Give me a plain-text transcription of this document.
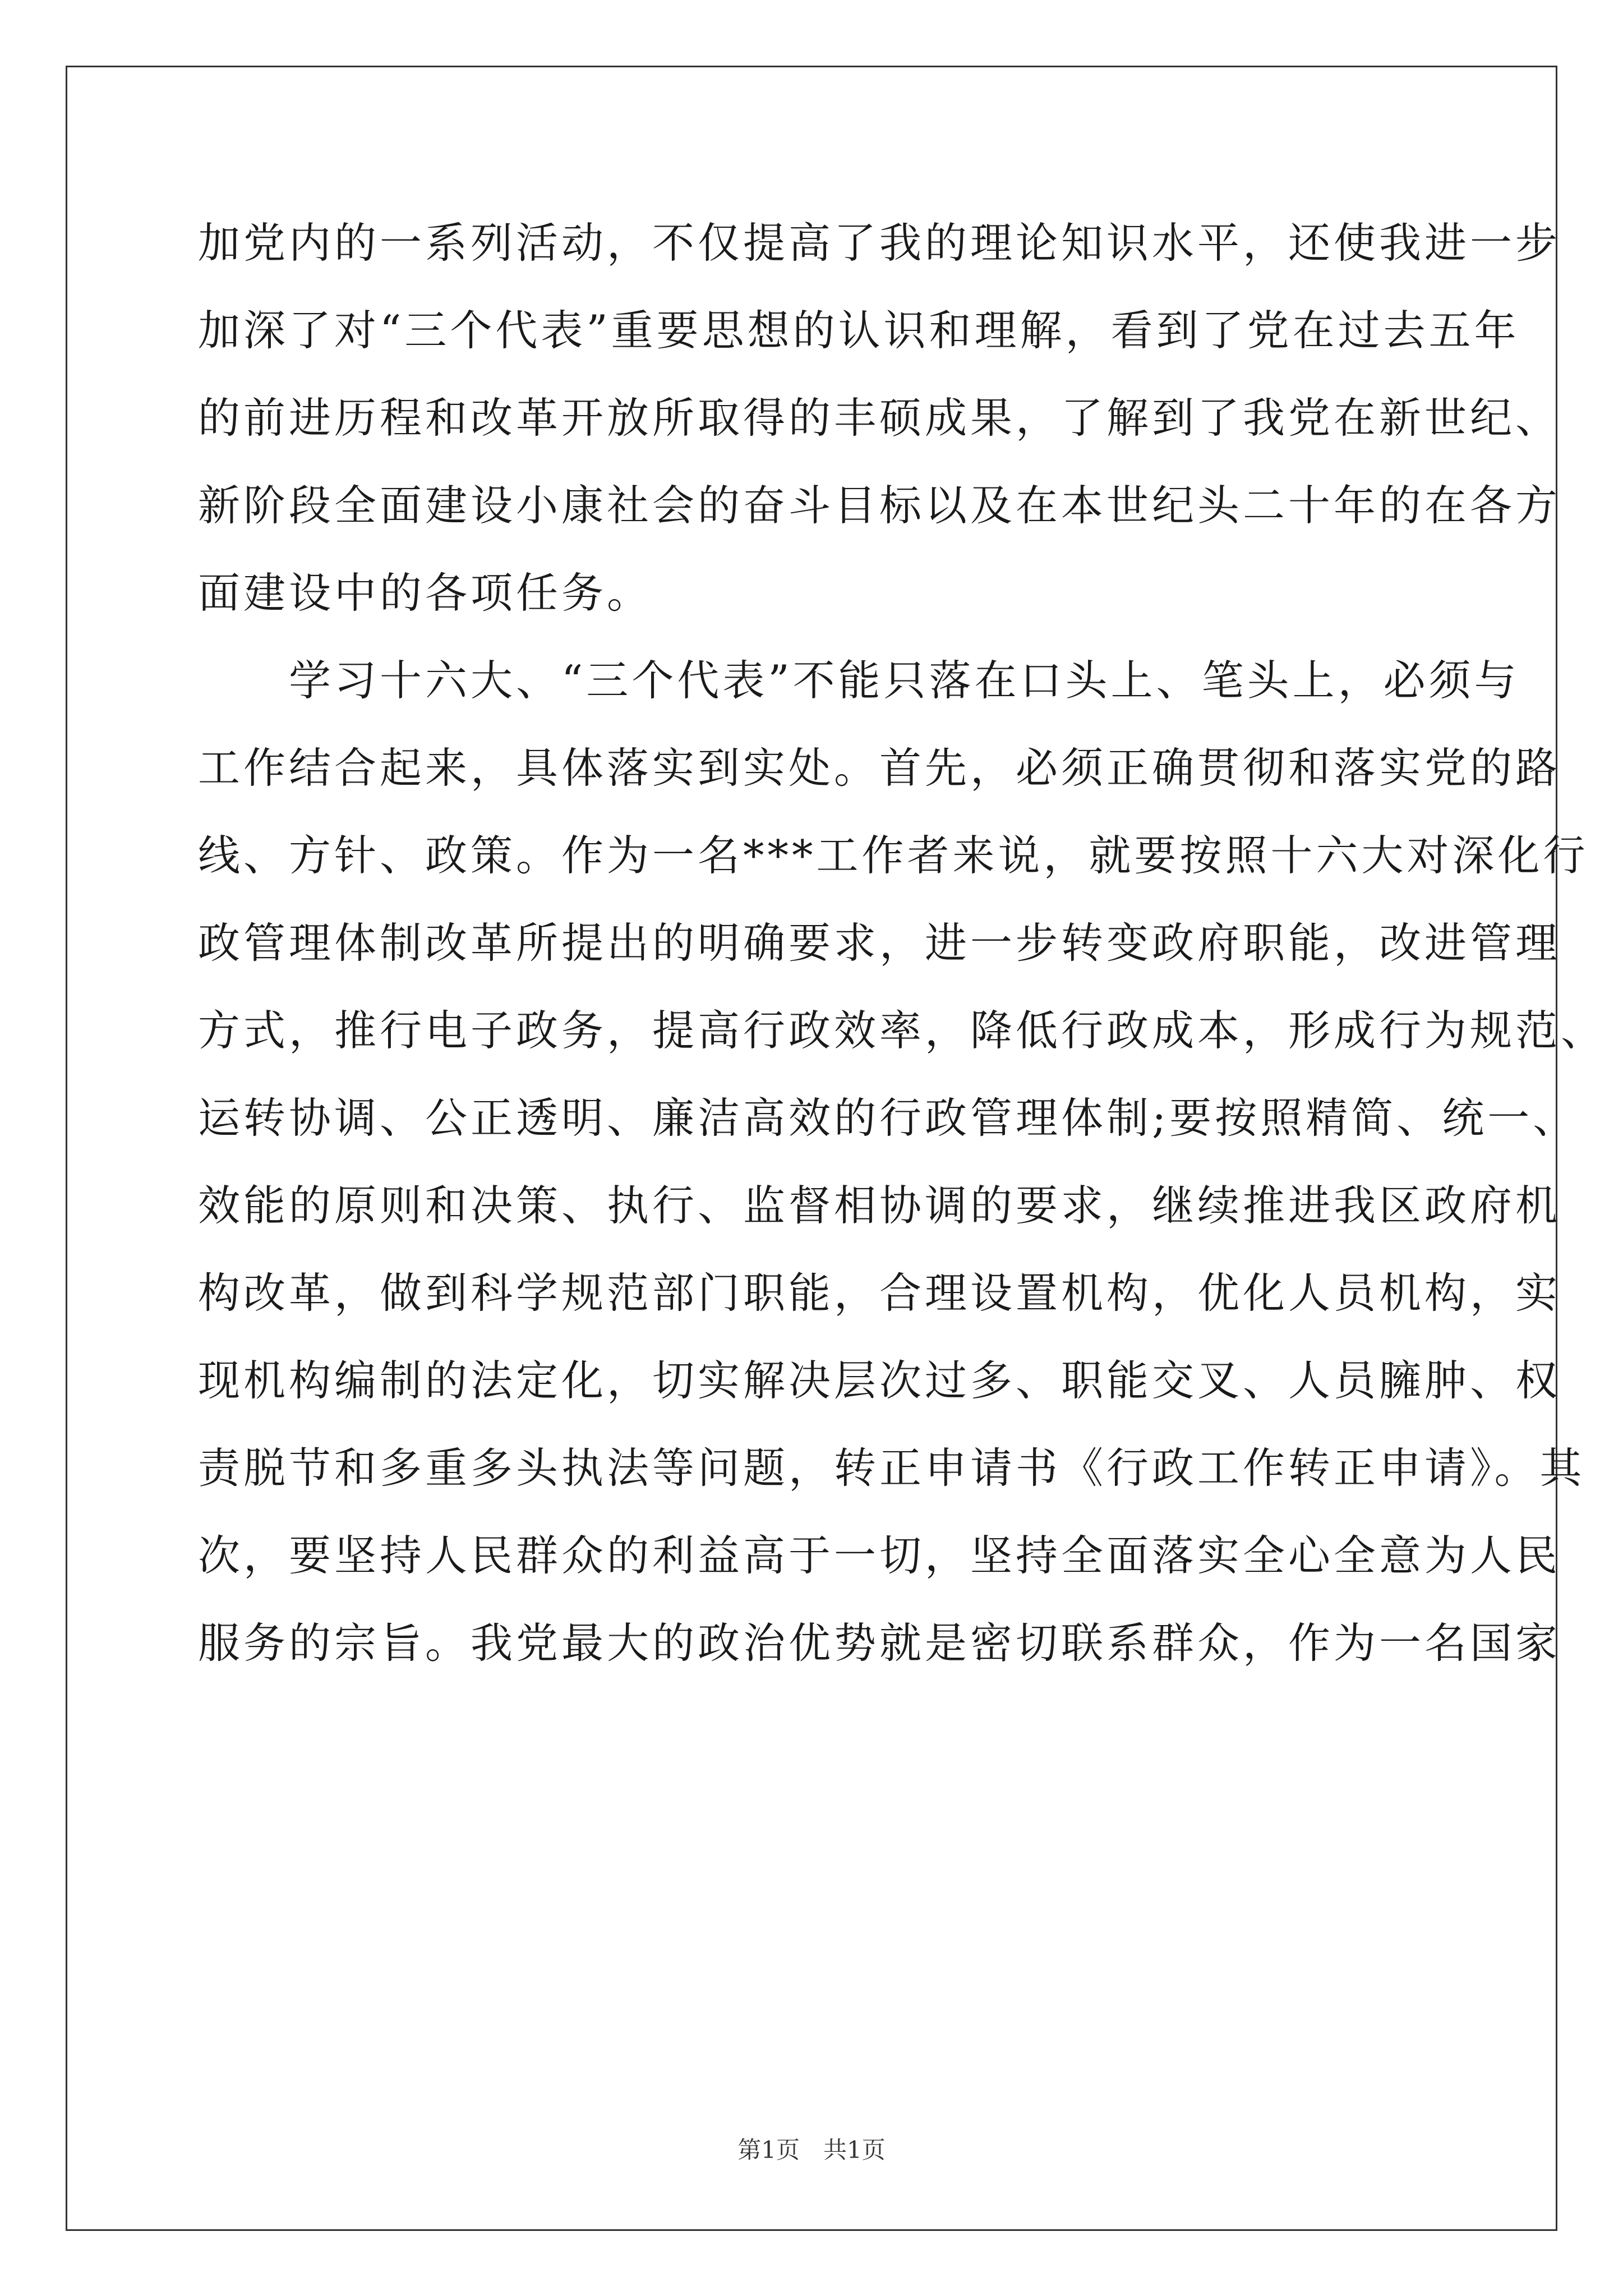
加党内的一系列活动，不仅提高了我的理论知识水平，还使我进一步
加深了对“三个代表”重要思想的认识和理解，看到了党在过去五年
的前进历程和改革开放所取得的丰硕成果，了解到了我党在新世纪、
新阶段全面建设小康社会的奋斗目标以及在本世纪头二十年的在各方
面建设中的各项任务。
　　学习十六大、“三个代表”不能只落在口头上、笔头上，必须与
工作结合起来，具体落实到实处。首先，必须正确贯彻和落实党的路
线、方针、政策。作为一名***工作者来说，就要按照十六大对深化行
政管理体制改革所提出的明确要求，进一步转变政府职能，改进管理
方式，推行电子政务，提高行政效率，降低行政成本，形成行为规范、
运转协调、公正透明、廉洁高效的行政管理体制;要按照精简、统一、
效能的原则和决策、执行、监督相协调的要求，继续推进我区政府机
构改革，做到科学规范部门职能，合理设置机构，优化人员机构，实
现机构编制的法定化，切实解决层次过多、职能交叉、人员臃肿、权
责脱节和多重多头执法等问题，转正申请书《行政工作转正申请》。其
次，要坚持人民群众的利益高于一切，坚持全面落实全心全意为人民
服务的宗旨。我党最大的政治优势就是密切联系群众，作为一名国家
第1页　共1页
